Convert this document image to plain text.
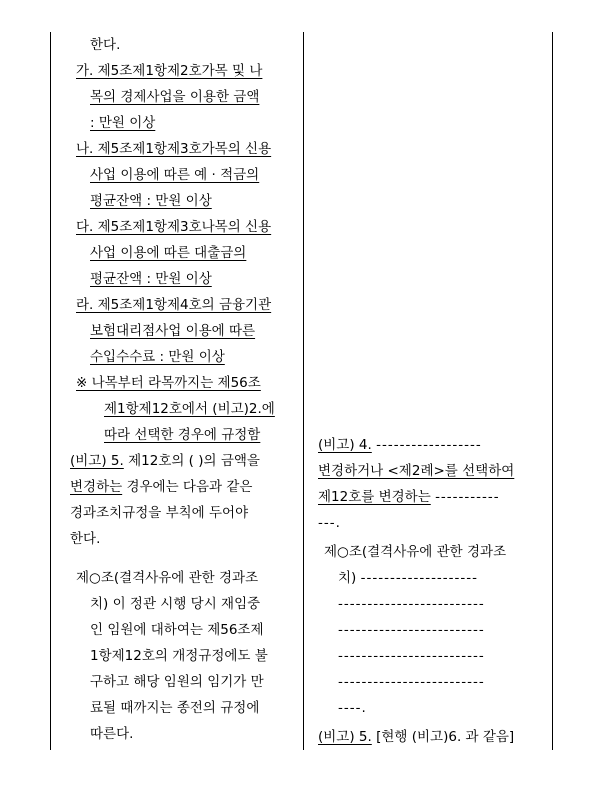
한다.
가. 제5조제1항제2호가목 및 나
목의 경제사업을 이용한 금액
: 만원 이상
나. 제5조제1항제3호가목의 신용
사업 이용에 따른 예 · 적금의
평균잔액 : 만원 이상
다. 제5조제1항제3호나목의 신용
사업 이용에 따른 대출금의
평균잔액 : 만원 이상
라. 제5조제1항제4호의 금융기관
보험대리점사업 이용에 따른
수입수수료 : 만원 이상
※ 나목부터 라목까지는 제56조
제1항제12호에서 (비고)2.에
따라 선택한 경우에 규정함
(비고) 5. 제12호의 ( )의 금액을
변경하는 경우에는 다음과 같은
경과조치규정을 부칙에 두어야
한다.
제○조(결격사유에 관한 경과조
치) 이 정관 시행 당시 재임중
인 임원에 대하여는 제56조제
1항제12호의 개정규정에도 불
구하고 해당 임원의 임기가 만
료될 때까지는 종전의 규정에
따른다.
(비고) 4. ------------------
변경하거나 <제2례>를 선택하여
제12호를 변경하는 -----------
---.
제○조(결격사유에 관한 경과조
치) --------------------
-------------------------
-------------------------
-------------------------
-------------------------
----.
(비고) 5. [현행 (비고)6. 과 같음]
